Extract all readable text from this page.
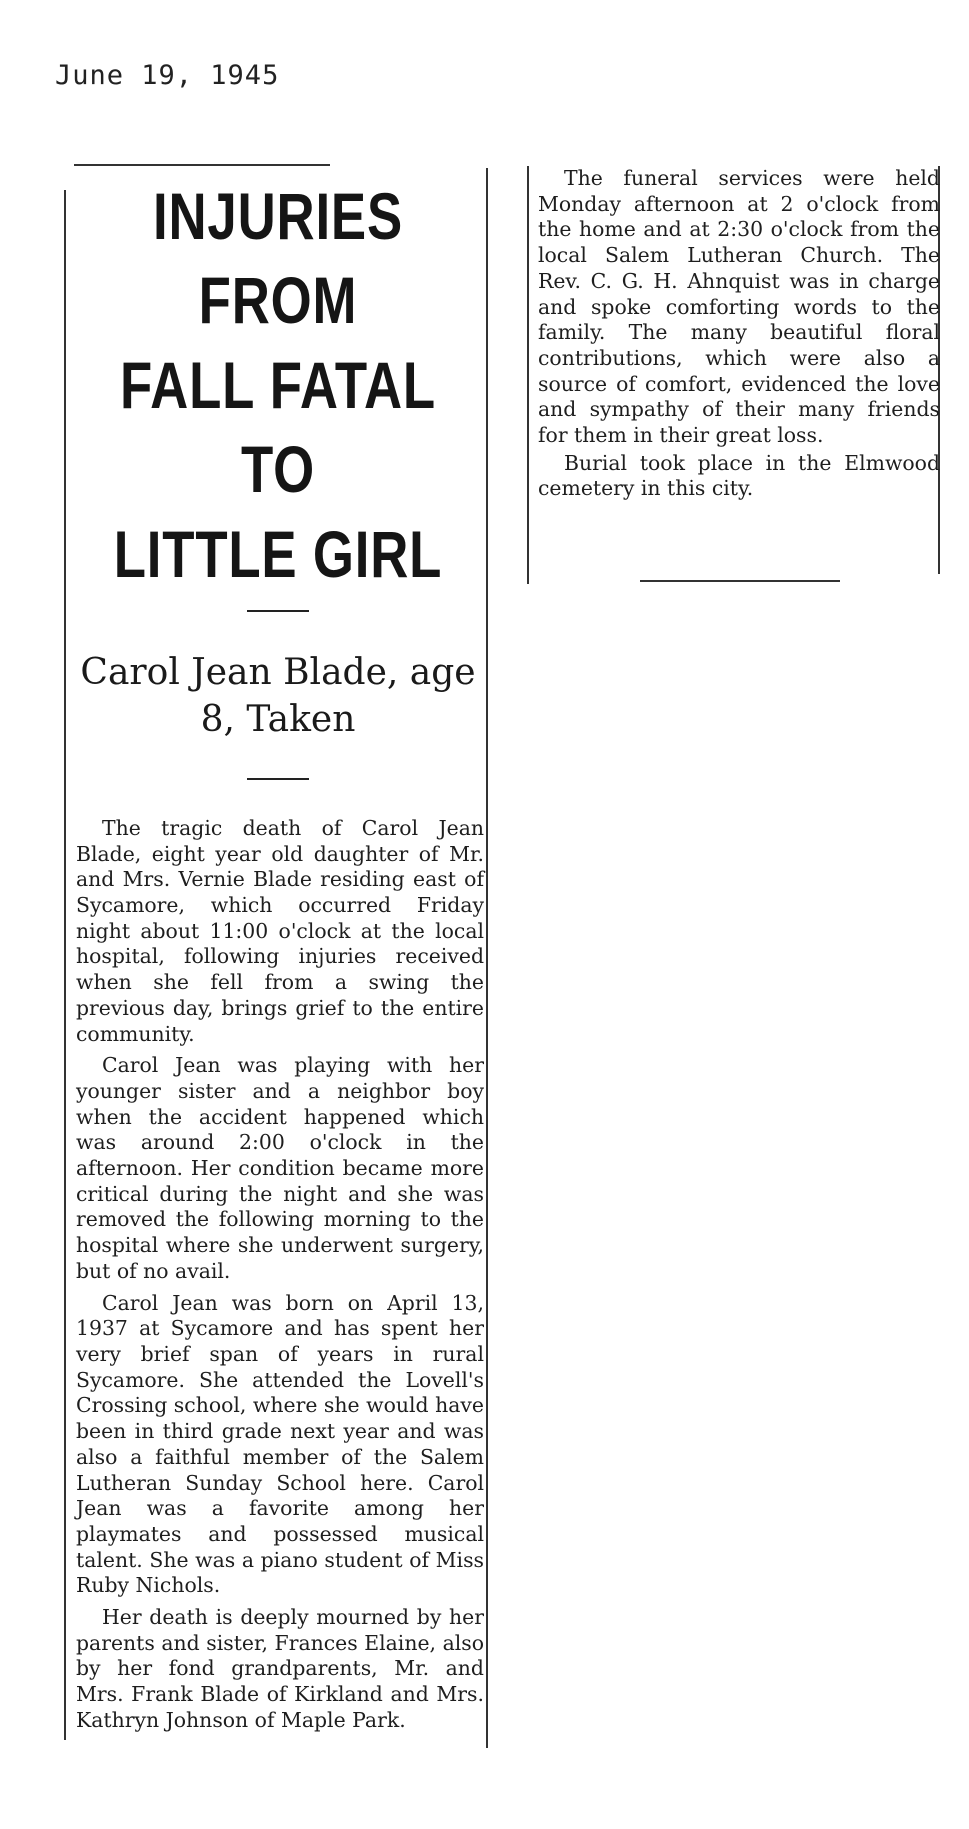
June 19, 1945
INJURIES FROM
FALL FATAL TO
LITTLE GIRL
Carol Jean Blade, age
8, Taken

The tragic death of Carol Jean Blade, eight year old daughter of Mr. and Mrs. Vernie Blade residing east of Sycamore, which occurred Friday night about 11:00 o'clock at the local hospital, following injuries received when she fell from a swing the previous day, brings grief to the entire community.

Carol Jean was playing with her younger sister and a neighbor boy when the accident happened which was around 2:00 o'clock in the afternoon. Her condition became more critical during the night and she was removed the following morning to the hospital where she underwent surgery, but of no avail.

Carol Jean was born on April 13, 1937 at Sycamore and has spent her very brief span of years in rural Sycamore. She attended the Lovell's Crossing school, where she would have been in third grade next year and was also a faithful member of the Salem Lutheran Sunday School here. Carol Jean was a favorite among her playmates and possessed musical talent. She was a piano student of Miss Ruby Nichols.

Her death is deeply mourned by her parents and sister, Frances Elaine, also by her fond grandparents, Mr. and Mrs. Frank Blade of Kirkland and Mrs. Kathryn Johnson of Maple Park.

The funeral services were held Monday afternoon at 2 o'clock from the home and at 2:30 o'clock from the local Salem Lutheran Church. The Rev. C. G. H. Ahnquist was in charge and spoke comforting words to the family. The many beautiful floral contributions, which were also a source of comfort, evidenced the love and sympathy of their many friends for them in their great loss.

Burial took place in the Elmwood cemetery in this city.
